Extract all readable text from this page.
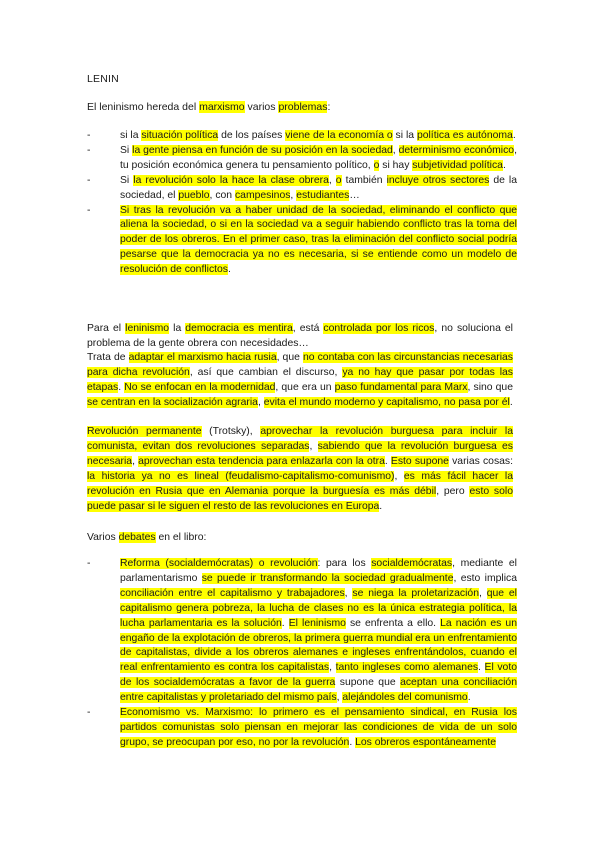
LENIN
El leninismo hereda del marxismo varios problemas:
-	si la situación política de los países viene de la economía o si la política es autónoma.
-	Si la gente piensa en función de su posición en la sociedad, determinismo económico, tu posición económica genera tu pensamiento político, o si hay subjetividad política.
-	Si la revolución solo la hace la clase obrera, o también incluye otros sectores de la sociedad, el pueblo, con campesinos, estudiantes…
-	Si tras la revolución va a haber unidad de la sociedad, eliminando el conflicto que aliena la sociedad, o si en la sociedad va a seguir habiendo conflicto tras la toma del poder de los obreros. En el primer caso, tras la eliminación del conflicto social podría pesarse que la democracia ya no es necesaria, si se entiende como un modelo de resolución de conflictos.

Para el leninismo la democracia es mentira, está controlada por los ricos, no soluciona el problema de la gente obrera con necesidades…

Trata de adaptar el marxismo hacia rusia, que no contaba con las circunstancias necesarias para dicha revolución, así que cambian el discurso, ya no hay que pasar por todas las etapas. No se enfocan en la modernidad, que era un paso fundamental para Marx, sino que se centran en la socialización agraria, evita el mundo moderno y capitalismo, no pasa por él.

Revolución permanente (Trotsky), aprovechar la revolución burguesa para incluir la comunista, evitan dos revoluciones separadas, sabiendo que la revolución burguesa es necesaria, aprovechan esta tendencia para enlazarla con la otra. Esto supone varias cosas: la historia ya no es lineal (feudalismo-capitalismo-comunismo), es más fácil hacer la revolución en Rusia que en Alemania porque la burguesía es más débil, pero esto solo puede pasar si le siguen el resto de las revoluciones en Europa.

Varios debates en el libro:
-	Reforma (socialdemócratas) o revolución: para los socialdemócratas, mediante el parlamentarismo se puede ir transformando la sociedad gradualmente, esto implica conciliación entre el capitalismo y trabajadores, se niega la proletarización, que el capitalismo genera pobreza, la lucha de clases no es la única estrategia política, la lucha parlamentaria es la solución. El leninismo se enfrenta a ello. La nación es un engaño de la explotación de obreros, la primera guerra mundial era un enfrentamiento de capitalistas, divide a los obreros alemanes e ingleses enfrentándolos, cuando el real enfrentamiento es contra los capitalistas, tanto ingleses como alemanes. El voto de los socialdemócratas a favor de la guerra supone que aceptan una conciliación entre capitalistas y proletariado del mismo país, alejándoles del comunismo.
-	Economismo vs. Marxismo: lo primero es el pensamiento sindical, en Rusia los partidos comunistas solo piensan en mejorar las condiciones de vida de un solo grupo, se preocupan por eso, no por la revolución. Los obreros espontáneamente
